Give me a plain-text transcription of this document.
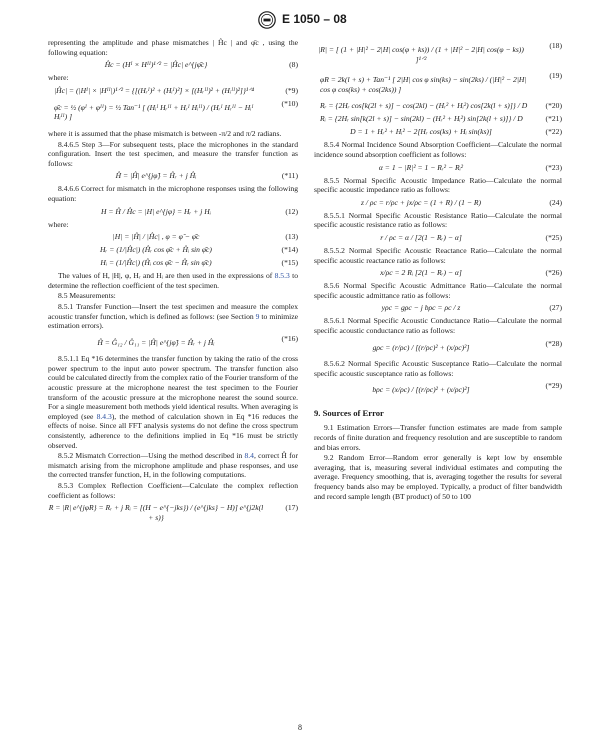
E 1050 – 08

representing the amplitude and phase mismatches | Ĥc | and φ̄c , using the following equation:

Ĥc = (Hᴵ × Hᴵᴵ)¹ᐟ² = |Ĥc| e^{jφ̄c}	(8)

where:

|Ĥc| = (|Hᴵ| × |Hᴵᴵ|)¹ᐟ² = {[(Hᵣᴵ)² + (Hᵢᴵ)²] × [(Hᵣᴵᴵ)² + (Hᵢᴵᴵ)²]}¹ᐟ⁴	(*9)
φ̄c = ½ (φᴵ + φᴵᴵ) = ½ Tan⁻¹ [ (Hᵢᴵ Hᵣᴵᴵ + Hᵣᴵ Hᵢᴵᴵ) / (Hᵣᴵ Hᵣᴵᴵ − Hᵢᴵ Hᵢᴵᴵ) ]
(*10)

where it is assumed that the phase mismatch is between -π/2 and π/2 radians.

8.4.6.5 Step 3—For subsequent tests, place the microphones in the standard configuration. Insert the test specimen, and measure the transfer function as follows:

Ĥ = |Ĥ| e^{jφ̂} = Ĥᵣ + j Ĥᵢ	(*11)

8.4.6.6 Correct for mismatch in the microphone responses using the following equation:

H = Ĥ / Ĥc = |H| e^{jφ} = Hᵣ + j Hᵢ	(12)

where:

|H| = |Ĥ| / |Ĥc| , φ = φ̂ − φ̄c	(13)
Hᵣ = (1/|Ĥc|) (Ĥᵣ cos φ̄c + Ĥᵢ sin φ̄c)	(*14)
Hᵢ = (1/|Ĥc|) (Ĥᵢ cos φ̄c − Ĥᵣ sin φ̄c)	(*15)

The values of H, |H|, φ, Hᵣ and Hᵢ are then used in the expressions of 8.5.3 to determine the reflection coefficient of the test specimen.

8.5 Measurements:

8.5.1 Transfer Function—Insert the test specimen and measure the complex acoustic transfer function, which is defined as follows: (see Section 9 to minimize estimation errors).

Ĥ = Ĝ₁₂ / Ĝ₁₁ = |Ĥ| e^{jφ̂} = Ĥᵣ + j Ĥᵢ	(*16)

8.5.1.1 Eq *16 determines the transfer function by taking the ratio of the cross power spectrum to the input auto power spectrum. The transfer function also could be calculated directly from the complex ratio of the Fourier transform of the acoustic pressure at the microphone nearest the test specimen to the Fourier transform of the acoustic pressure at the microphone nearest the sound source. For a single measurement both methods yield identical results. When averaging is employed (see 8.4.3), the method of calculation shown in Eq *16 reduces the effects of noise. Since all FFT analysis systems do not define the cross spectrum consistently, adherence to the definitions implied in Eq *16 must be strictly observed.

8.5.2 Mismatch Correction—Using the method described in 8.4, correct Ĥ for mismatch arising from the microphone amplitude and phase responses, and use the corrected transfer function, H, in the following computations.

8.5.3 Complex Reflection Coefficient—Calculate the complex reflection coefficient as follows:

R = |R| e^{jφR} = Rᵣ + j Rᵢ = [(H − e^{−jks}) / (e^{jks} − H)] e^{j2k(l + s)}
(17)
|R| = [ (1 + |H|² − 2|H| cos(φ + ks)) / (1 + |H|² − 2|H| cos(φ − ks)) ]¹ᐟ²
(18)
φR = 2k(l + s) + Tan⁻¹ [ 2|H| cos φ sin(ks) − sin(2ks) / (|H|² − 2|H| cos φ cos(ks) + cos(2ks)) ]
(19)
Rᵣ = {2Hᵣ cos[k(2l + s)] − cos(2kl) − (Hᵣ² + Hᵢ²) cos[2k(l + s)]} / D (*20)
Rᵢ = {2Hᵣ sin[k(2l + s)] − sin(2kl) − (Hᵣ² + Hᵢ²) sin[2k(l + s)]} / D	(*21)
D = 1 + Hᵣ² + Hᵢ² − 2[Hᵣ cos(ks) + Hᵢ sin(ks)]	(*22)

8.5.4 Normal Incidence Sound Absorption Coefficient—Calculate the normal incidence sound absorption coefficient as follows:

α = 1 − |R|² = 1 − Rᵣ² − Rᵢ²	(*23)

8.5.5 Normal Specific Acoustic Impedance Ratio—Calculate the normal specific acoustic impedance ratio as follows:

z / ρc = r/ρc + jx/ρc = (1 + R) / (1 − R)	(24)

8.5.5.1 Normal Specific Acoustic Resistance Ratio—Calculate the normal specific acoustic resistance ratio as follows:

r / ρc = α / [2(1 − Rᵣ) − α]	(*25)

8.5.5.2 Normal Specific Acoustic Reactance Ratio—Calculate the normal specific acoustic reactance ratio as follows:

x/ρc = 2 Rᵢ [2(1 − Rᵣ) − α]	(*26)

8.5.6 Normal Specific Acoustic Admittance Ratio—Calculate the normal specific acoustic admittance ratio as follows:

yρc = gρc − j bρc = ρc / z	(27)

8.5.6.1 Normal Specific Acoustic Conductance Ratio—Calculate the normal specific acoustic conductance ratio as follows:

gρc = (r/ρc) / [(r/ρc)² + (x/ρc)²]	(*28)

8.5.6.2 Normal Specific Acoustic Susceptance Ratio—Calculate the normal specific acoustic susceptance ratio as follows:

bρc = (x/ρc) / [(r/ρc)² + (x/ρc)²]	(*29)
9. Sources of Error

9.1 Estimation Errors—Transfer function estimates are made from sample records of finite duration and frequency resolution and are susceptible to random and bias errors.

9.2 Random Error—Random error generally is kept low by ensemble averaging, that is, measuring several individual estimates and computing the average. Frequency smoothing, that is, averaging together the results for several frequency bands also may be employed. Typically, a product of filter bandwidth and record sample length (BT product) of 50 to 100

8
